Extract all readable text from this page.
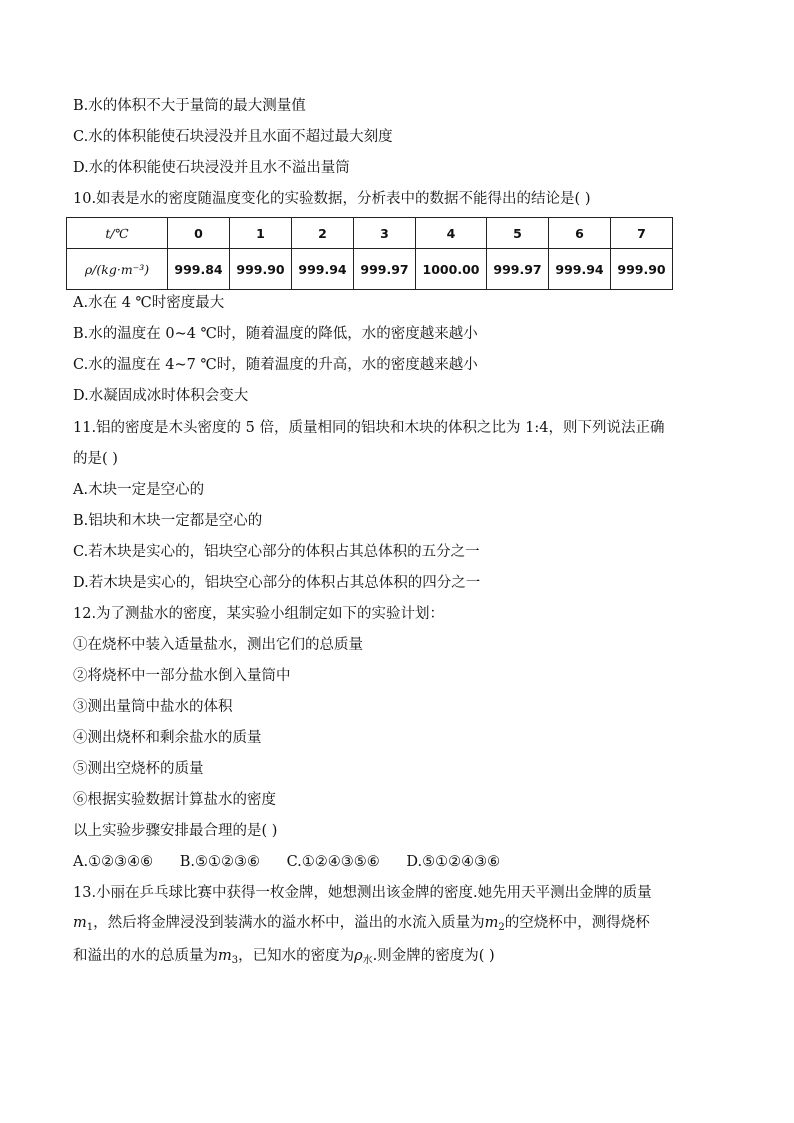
B.水的体积不大于量筒的最大测量值
C.水的体积能使石块浸没并且水面不超过最大刻度
D.水的体积能使石块浸没并且水不溢出量筒
10.如表是水的密度随温度变化的实验数据，分析表中的数据不能得出的结论是( )
t/℃	0	1	2	3	4	5	6	7
ρ/(kg·m⁻³)	999.84	999.90	999.94	999.97	1000.00	999.97	999.94	999.90
A.水在 4 ℃时密度最大
B.水的温度在 0~4 ℃时，随着温度的降低，水的密度越来越小
C.水的温度在 4~7 ℃时，随着温度的升高，水的密度越来越小
D.水凝固成冰时体积会变大
11.铝的密度是木头密度的 5 倍，质量相同的铝块和木块的体积之比为 1:4，则下列说法正确
的是( )
A.木块一定是空心的
B.铝块和木块一定都是空心的
C.若木块是实心的，铝块空心部分的体积占其总体积的五分之一
D.若木块是实心的，铝块空心部分的体积占其总体积的四分之一
12.为了测盐水的密度，某实验小组制定如下的实验计划：
①在烧杯中装入适量盐水，测出它们的总质量
②将烧杯中一部分盐水倒入量筒中
③测出量筒中盐水的体积
④测出烧杯和剩余盐水的质量
⑤测出空烧杯的质量
⑥根据实验数据计算盐水的密度
以上实验步骤安排最合理的是( )
A.①②③④⑥ B.⑤①②③⑥ C.①②④③⑤⑥ D.⑤①②④③⑥
13.小丽在乒乓球比赛中获得一枚金牌，她想测出该金牌的密度.她先用天平测出金牌的质量
$m_1$，然后将金牌浸没到装满水的溢水杯中，溢出的水流入质量为$m_2$的空烧杯中，测得烧杯
和溢出的水的总质量为$m_3$，已知水的密度为$\rho_水$.则金牌的密度为( )
